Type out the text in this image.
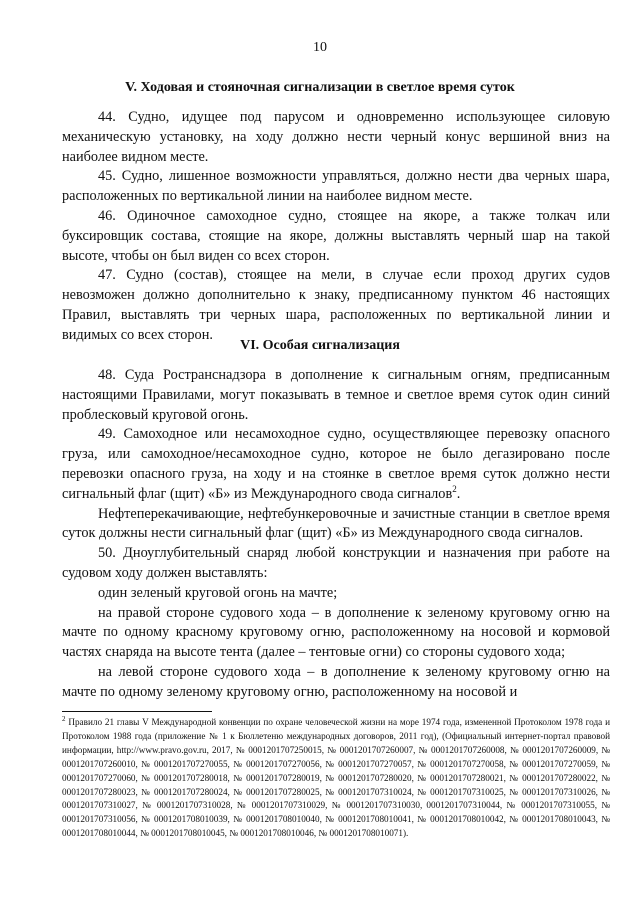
10
V. Ходовая и стояночная сигнализации в светлое время суток

44. Судно, идущее под парусом и одновременно использующее силовую механическую установку, на ходу должно нести черный конус вершиной вниз на наиболее видном месте.

45. Судно, лишенное возможности управляться, должно нести два черных шара, расположенных по вертикальной линии на наиболее видном месте.

46. Одиночное самоходное судно, стоящее на якоре, а также толкач или буксировщик состава, стоящие на якоре, должны выставлять черный шар на такой высоте, чтобы он был виден со всех сторон.

47. Судно (состав), стоящее на мели, в случае если проход других судов невозможен должно дополнительно к знаку, предписанному пунктом 46 настоящих Правил, выставлять три черных шара, расположенных по вертикальной линии и видимых со всех сторон.

VI. Особая сигнализация

48. Суда Ространснадзора в дополнение к сигнальным огням, предписанным настоящими Правилами, могут показывать в темное и светлое время суток один синий проблесковый круговой огонь.

49. Самоходное или несамоходное судно, осуществляющее перевозку опасного груза, или самоходное/несамоходное судно, которое не было дегазировано после перевозки опасного груза, на ходу и на стоянке в светлое время суток должно нести сигнальный флаг (щит) «Б» из Международного свода сигналов$^2$.

Нефтеперекачивающие, нефтебункеровочные и зачистные станции в светлое время суток должны нести сигнальный флаг (щит) «Б» из Международного свода сигналов.

50. Дноуглубительный снаряд любой конструкции и назначения при работе на судовом ходу должен выставлять:

один зеленый круговой огонь на мачте;

на правой стороне судового хода – в дополнение к зеленому круговому огню на мачте по одному красному круговому огню, расположенному на носовой и кормовой частях снаряда на высоте тента (далее – тентовые огни) со стороны судового хода;

на левой стороне судового хода – в дополнение к зеленому круговому огню на мачте по одному зеленому круговому огню, расположенному на носовой и

$^2$ Правило 21 главы V Международной конвенции по охране человеческой жизни на море 1974 года, измененной Протоколом 1978 года и Протоколом 1988 года (приложение № 1 к Бюллетеню международных договоров, 2011 год), (Официальный интернет-портал правовой информации, http://www.pravo.gov.ru, 2017, № 0001201707250015, № 0001201707260007, № 0001201707260008, № 0001201707260009, № 0001201707260010, № 0001201707270055, № 0001201707270056, № 0001201707270057, № 0001201707270058, № 0001201707270059, № 0001201707270060, № 0001201707280018, № 0001201707280019, № 0001201707280020, № 0001201707280021, № 0001201707280022, № 0001201707280023, № 0001201707280024, № 0001201707280025, № 0001201707310024, № 0001201707310025, № 0001201707310026, № 0001201707310027, № 0001201707310028, № 0001201707310029, № 0001201707310030, 0001201707310044, № 0001201707310055, № 0001201707310056, № 0001201708010039, № 0001201708010040, № 0001201708010041, № 0001201708010042, № 0001201708010043, № 0001201708010044, № 0001201708010045, № 0001201708010046, № 0001201708010071).
